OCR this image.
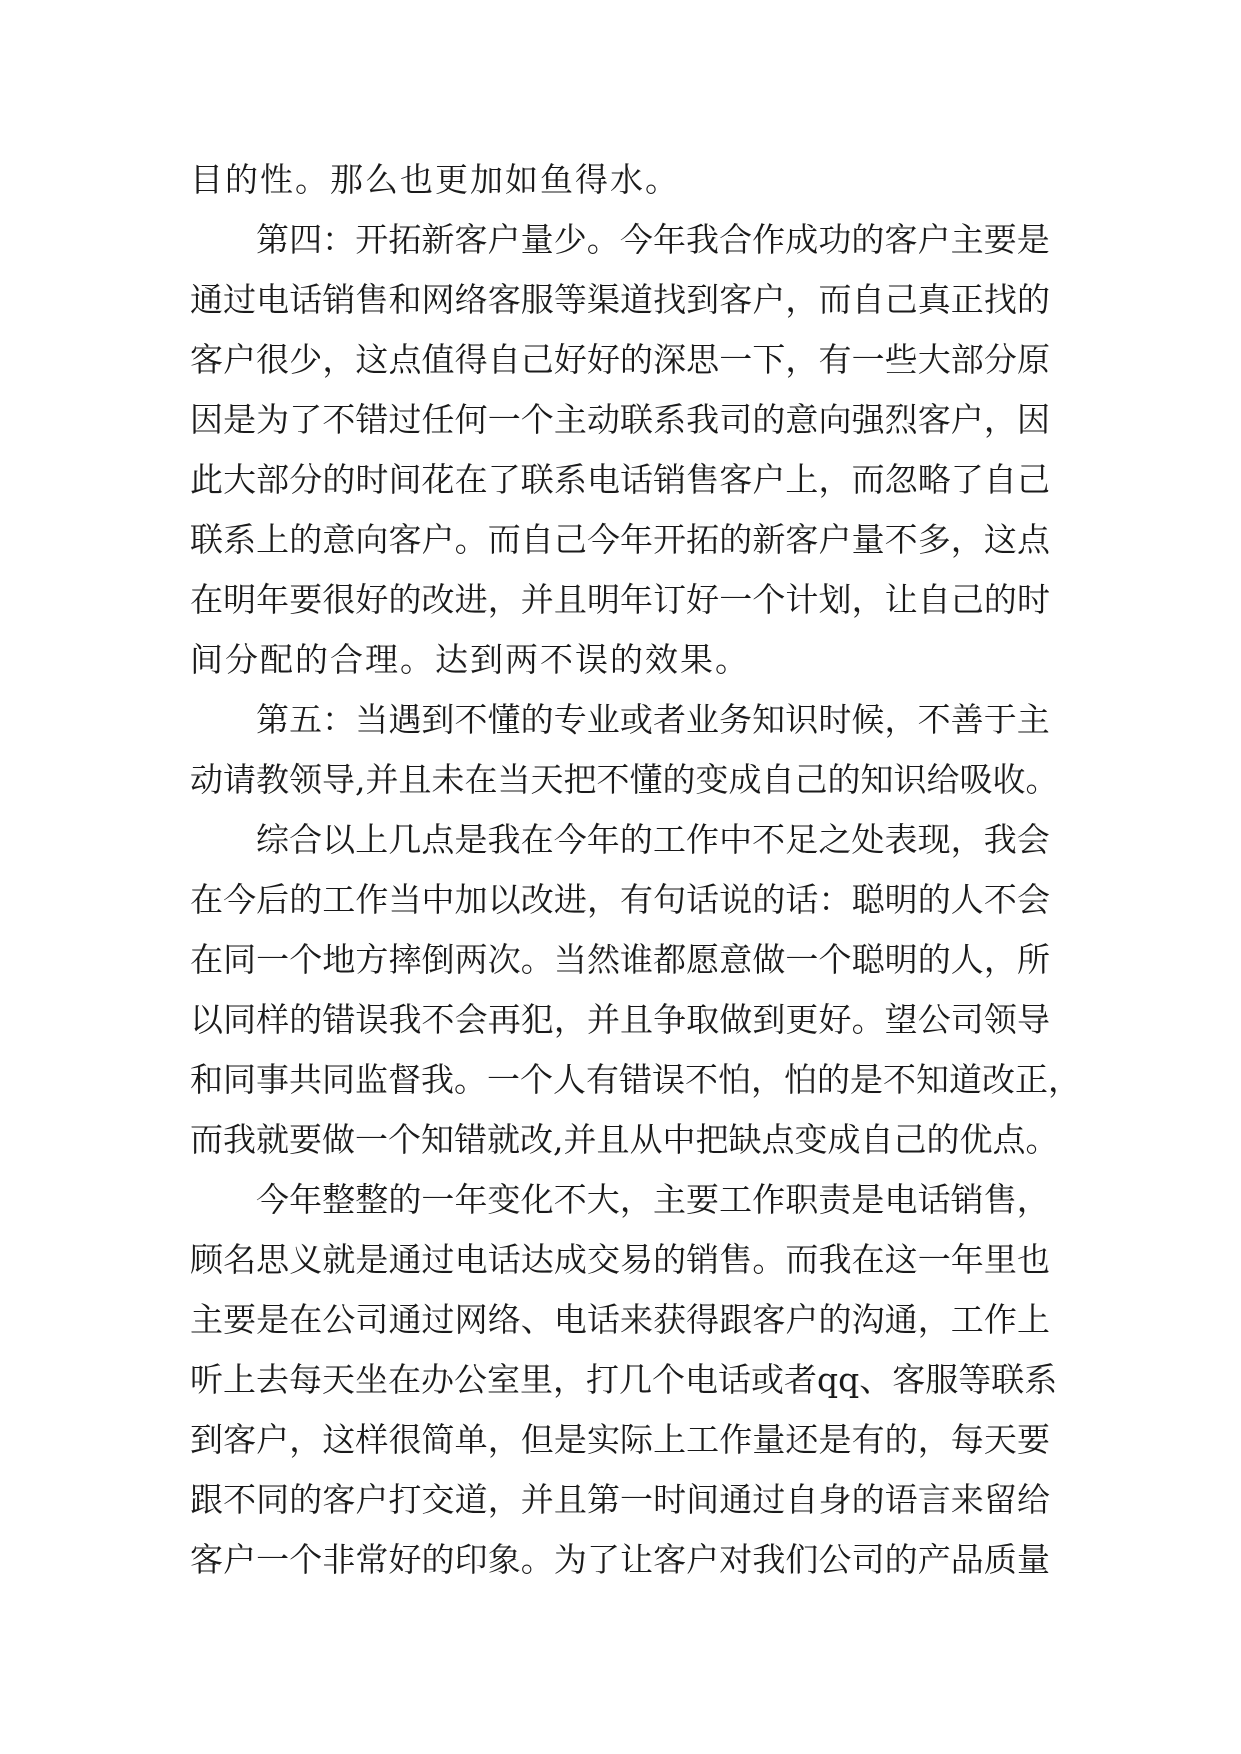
目 的 性 。 那 么 也 更 加 如 鱼 得 水 。
第 四 ： 开 拓 新 客 户 量 少 。 今 年 我 合 作 成 功 的 客 户 主 要 是
通 过 电 话 销 售 和 网 络 客 服 等 渠 道 找 到 客 户 ， 而 自 己 真 正 找 的
客 户 很 少 ， 这 点 值 得 自 己 好 好 的 深 思 一 下 ， 有 一 些 大 部 分 原
因 是 为 了 不 错 过 任 何 一 个 主 动 联 系 我 司 的 意 向 强 烈 客 户 ， 因
此 大 部 分 的 时 间 花 在 了 联 系 电 话 销 售 客 户 上 ， 而 忽 略 了 自 己
联 系 上 的 意 向 客 户 。 而 自 己 今 年 开 拓 的 新 客 户 量 不 多 ， 这 点
在 明 年 要 很 好 的 改 进 ， 并 且 明 年 订 好 一 个 计 划 ， 让 自 己 的 时
间 分 配 的 合 理 。 达 到 两 不 误 的 效 果 。
第 五 ： 当 遇 到 不 懂 的 专 业 或 者 业 务 知 识 时 候 ， 不 善 于 主
动 请 教 领 导 , 并 且 未 在 当 天 把 不 懂 的 变 成 自 己 的 知 识 给 吸 收 。
综 合 以 上 几 点 是 我 在 今 年 的 工 作 中 不 足 之 处 表 现 ， 我 会
在 今 后 的 工 作 当 中 加 以 改 进 ， 有 句 话 说 的 话 ： 聪 明 的 人 不 会
在 同 一 个 地 方 摔 倒 两 次 。 当 然 谁 都 愿 意 做 一 个 聪 明 的 人 ， 所
以 同 样 的 错 误 我 不 会 再 犯 ， 并 且 争 取 做 到 更 好 。 望 公 司 领 导
和 同 事 共 同 监 督 我 。 一 个 人 有 错 误 不 怕 ， 怕 的 是 不 知 道 改 正 ，
而 我 就 要 做 一 个 知 错 就 改 , 并 且 从 中 把 缺 点 变 成 自 己 的 优 点 。
今 年 整 整 的 一 年 变 化 不 大 ， 主 要 工 作 职 责 是 电 话 销 售 ，
顾 名 思 义 就 是 通 过 电 话 达 成 交 易 的 销 售 。 而 我 在 这 一 年 里 也
主 要 是 在 公 司 通 过 网 络 、 电 话 来 获 得 跟 客 户 的 沟 通 ， 工 作 上
听 上 去 每 天 坐 在 办 公 室 里 ， 打 几 个 电 话 或 者 qq 、 客 服 等 联 系
到 客 户 ， 这 样 很 简 单 ， 但 是 实 际 上 工 作 量 还 是 有 的 ， 每 天 要
跟 不 同 的 客 户 打 交 道 ， 并 且 第 一 时 间 通 过 自 身 的 语 言 来 留 给
客 户 一 个 非 常 好 的 印 象 。 为 了 让 客 户 对 我 们 公 司 的 产 品 质 量
